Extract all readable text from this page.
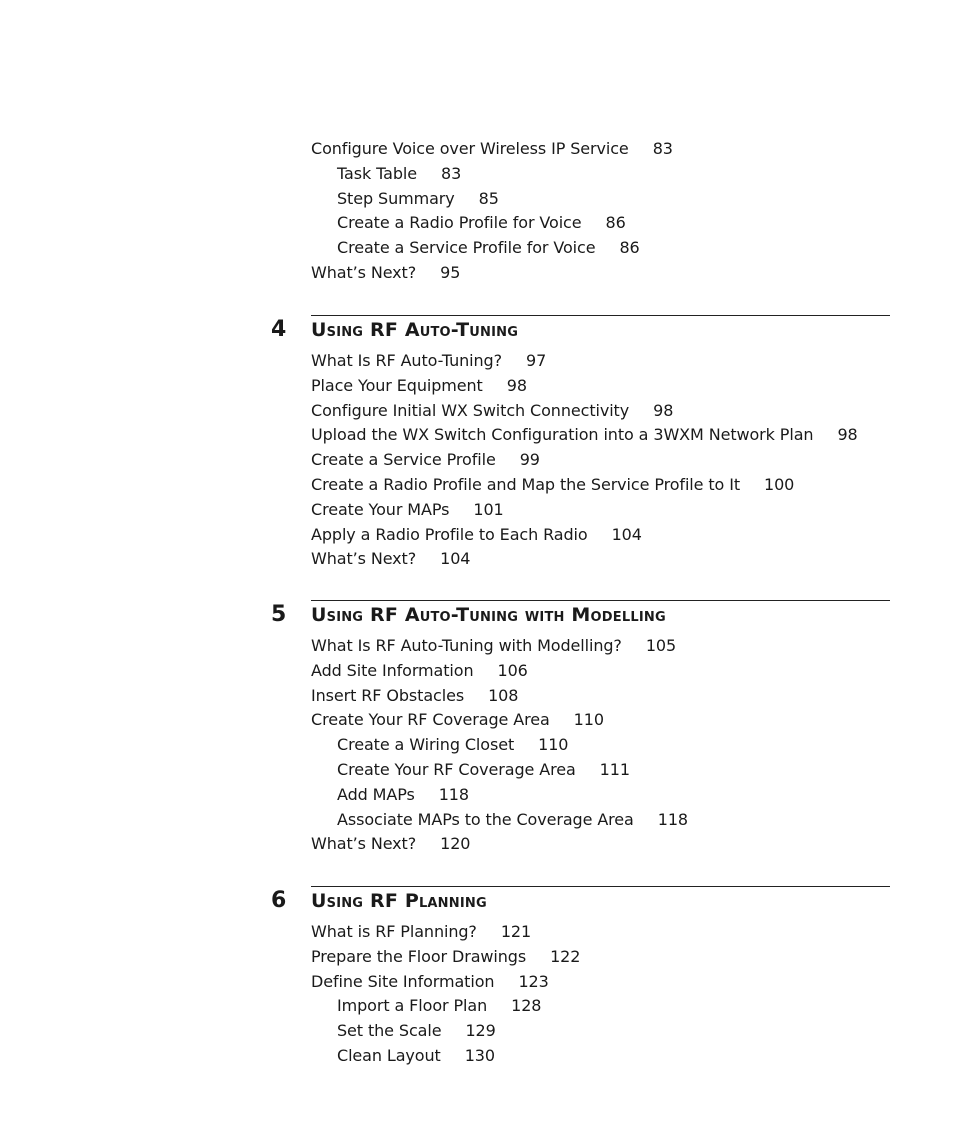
Configure Voice over Wireless IP Service 83
Task Table 83
Step Summary 85
Create a Radio Profile for Voice 86
Create a Service Profile for Voice 86
What’s Next? 95
4 Using RF Auto-Tuning
What Is RF Auto-Tuning? 97
Place Your Equipment 98
Configure Initial WX Switch Connectivity 98
Upload the WX Switch Configuration into a 3WXM Network Plan 98
Create a Service Profile 99
Create a Radio Profile and Map the Service Profile to It 100
Create Your MAPs 101
Apply a Radio Profile to Each Radio 104
What’s Next? 104
5 Using RF Auto-Tuning with Modelling
What Is RF Auto-Tuning with Modelling? 105
Add Site Information 106
Insert RF Obstacles 108
Create Your RF Coverage Area 110
Create a Wiring Closet 110
Create Your RF Coverage Area 111
Add MAPs 118
Associate MAPs to the Coverage Area 118
What’s Next? 120
6 Using RF Planning
What is RF Planning? 121
Prepare the Floor Drawings 122
Define Site Information 123
Import a Floor Plan 128
Set the Scale 129
Clean Layout 130
